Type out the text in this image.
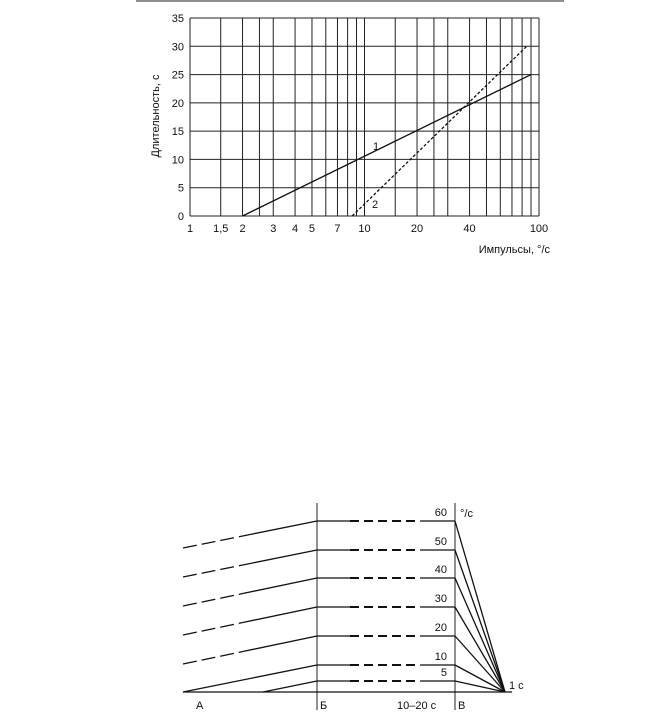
0
5
10
15
20
25
30
35
1 1,5 2 3 4 5 7 10	20	40	100
Длительность, с
Импульсы, °/с
1
2
60
50
40
30
20
10
5
°/с
1 с
А	Б	10–20 с В
